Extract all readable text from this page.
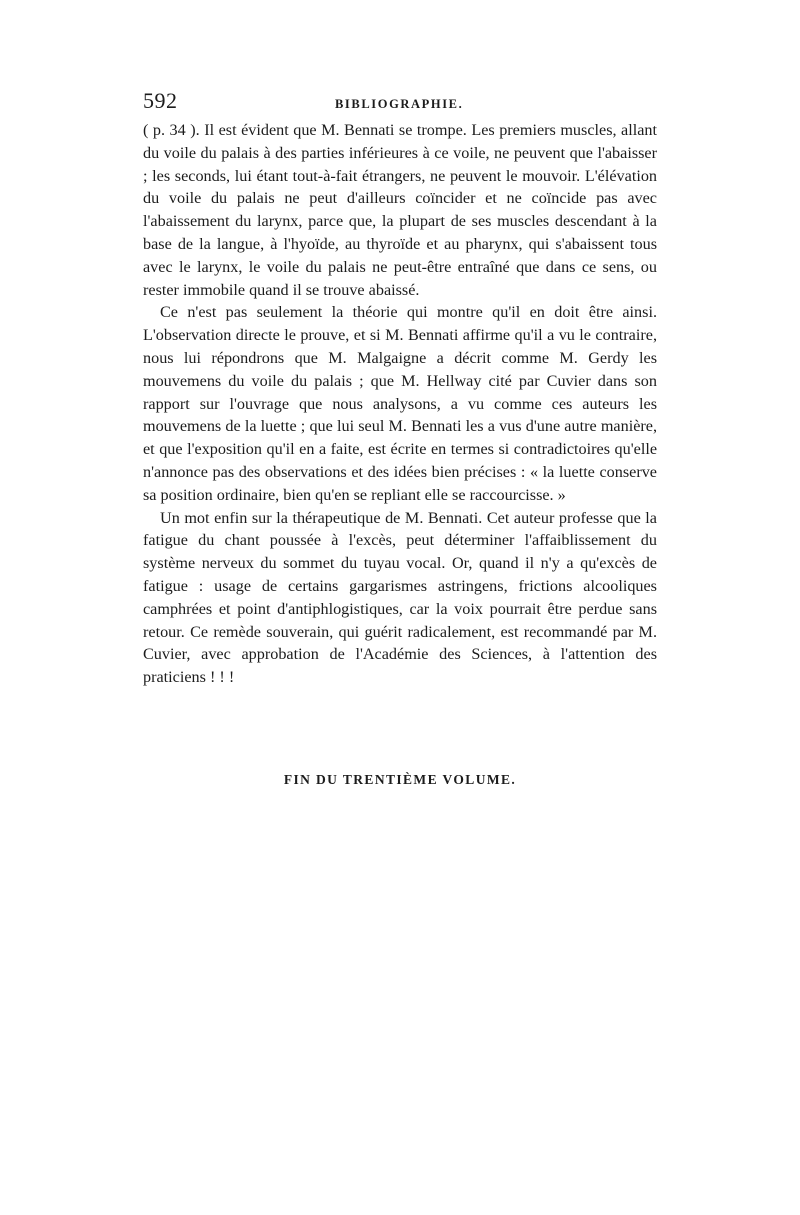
592	BIBLIOGRAPHIE.

( p. 34 ). Il est évident que M. Bennati se trompe. Les premiers muscles, allant du voile du palais à des parties inférieures à ce voile, ne peuvent que l'abaisser ; les seconds, lui étant tout-à-fait étrangers, ne peuvent le mouvoir. L'élévation du voile du palais ne peut d'ailleurs coïncider et ne coïncide pas avec l'abaissement du larynx, parce que, la plupart de ses muscles descendant à la base de la langue, à l'hyoïde, au thyroïde et au pharynx, qui s'abaissent tous avec le larynx, le voile du palais ne peut-être entraîné que dans ce sens, ou rester immobile quand il se trouve abaissé.

Ce n'est pas seulement la théorie qui montre qu'il en doit être ainsi. L'observation directe le prouve, et si M. Bennati affirme qu'il a vu le contraire, nous lui répondrons que M. Malgaigne a décrit comme M. Gerdy les mouvemens du voile du palais ; que M. Hellway cité par Cuvier dans son rapport sur l'ouvrage que nous analysons, a vu comme ces auteurs les mouvemens de la luette ; que lui seul M. Bennati les a vus d'une autre manière, et que l'exposition qu'il en a faite, est écrite en termes si contradictoires qu'elle n'annonce pas des observations et des idées bien précises : « la luette conserve sa position ordinaire, bien qu'en se repliant elle se raccourcisse. »

Un mot enfin sur la thérapeutique de M. Bennati. Cet auteur professe que la fatigue du chant poussée à l'excès, peut déterminer l'affaiblissement du système nerveux du sommet du tuyau vocal. Or, quand il n'y a qu'excès de fatigue : usage de certains gargarismes astringens, frictions alcooliques camphrées et point d'antiphlogistiques, car la voix pourrait être perdue sans retour. Ce remède souverain, qui guérit radicalement, est recommandé par M. Cuvier, avec approbation de l'Académie des Sciences, à l'attention des praticiens ! ! !

FIN DU TRENTIÈME VOLUME.
